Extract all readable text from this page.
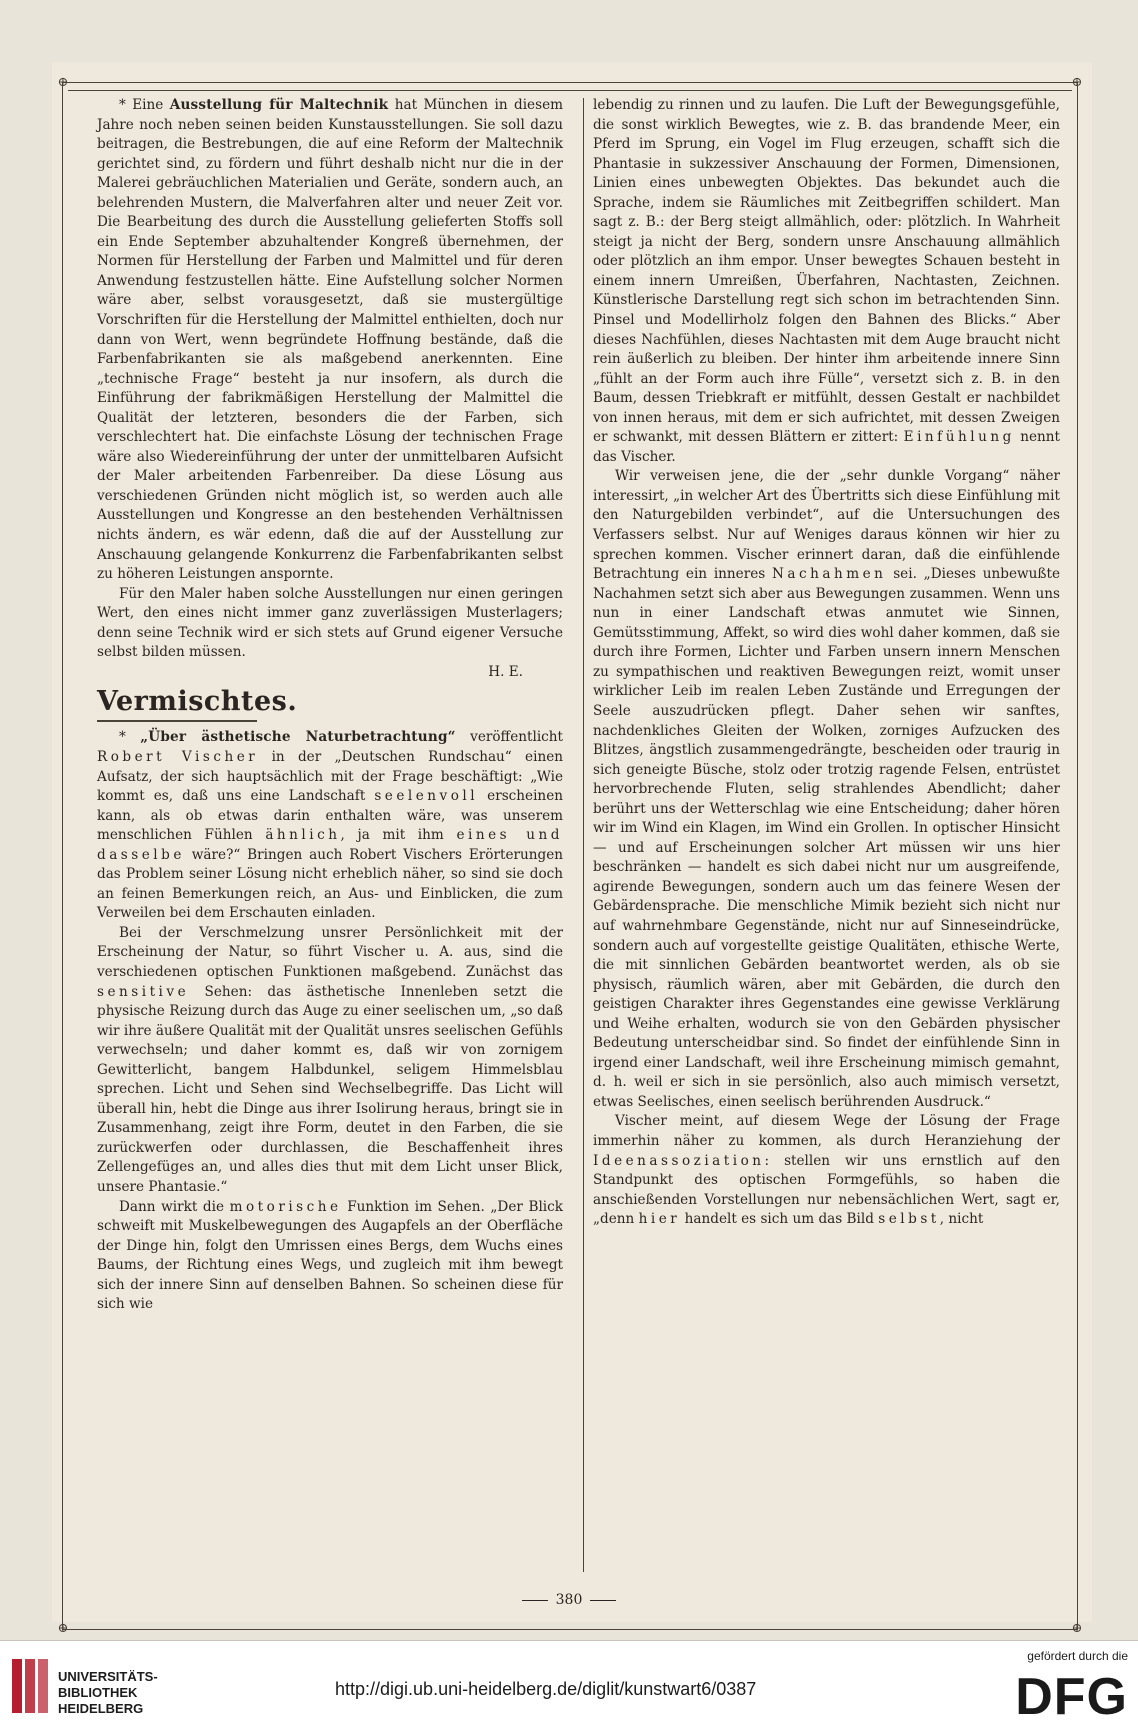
⊕	⊕
⊕	⊕

* Eine Ausstellung für Maltechnik hat München in diesem Jahre noch neben seinen beiden Kunstausstellungen. Sie soll dazu beitragen, die Bestrebungen, die auf eine Reform der Maltechnik gerichtet sind, zu fördern und führt deshalb nicht nur die in der Malerei gebräuchlichen Materialien und Geräte, sondern auch, an belehrenden Mustern, die Malverfahren alter und neuer Zeit vor. Die Bearbeitung des durch die Ausstellung gelieferten Stoffs soll ein Ende September abzuhaltender Kongreß übernehmen, der Normen für Herstellung der Farben und Malmittel und für deren Anwendung festzustellen hätte. Eine Aufstellung solcher Normen wäre aber, selbst vorausgesetzt, daß sie mustergültige Vorschriften für die Herstellung der Malmittel enthielten, doch nur dann von Wert, wenn begründete Hoffnung bestände, daß die Farbenfabrikanten sie als maßgebend anerkennten. Eine „technische Frage“ besteht ja nur insofern, als durch die Einführung der fabrikmäßigen Herstellung der Malmittel die Qualität der letzteren, besonders die der Farben, sich verschlechtert hat. Die einfachste Lösung der technischen Frage wäre also Wiedereinführung der unter der unmittelbaren Aufsicht der Maler arbeitenden Farbenreiber. Da diese Lösung aus verschiedenen Gründen nicht möglich ist, so werden auch alle Ausstellungen und Kongresse an den bestehenden Verhältnissen nichts ändern, es wär edenn, daß die auf der Ausstellung zur Anschauung gelangende Konkurrenz die Farbenfabrikanten selbst zu höheren Leistungen anspornte.

Für den Maler haben solche Ausstellungen nur einen geringen Wert, den eines nicht immer ganz zuverlässigen Musterlagers; denn seine Technik wird er sich stets auf Grund eigener Versuche selbst bilden müssen.

H. E.
Vermischtes.

* „Über ästhetische Naturbetrachtung“ veröffentlicht Robert Vischer in der „Deutschen Rundschau“ einen Aufsatz, der sich hauptsächlich mit der Frage beschäftigt: „Wie kommt es, daß uns eine Landschaft seelenvoll erscheinen kann, als ob etwas darin enthalten wäre, was unserem menschlichen Fühlen ähnlich, ja mit ihm eines und dasselbe wäre?“ Bringen auch Robert Vischers Erörterungen das Problem seiner Lösung nicht erheblich näher, so sind sie doch an feinen Bemerkungen reich, an Aus- und Einblicken, die zum Verweilen bei dem Erschauten einladen.

Bei der Verschmelzung unsrer Persönlichkeit mit der Erscheinung der Natur, so führt Vischer u. A. aus, sind die verschiedenen optischen Funktionen maßgebend. Zunächst das sensitive Sehen: das ästhetische Innenleben setzt die physische Reizung durch das Auge zu einer seelischen um, „so daß wir ihre äußere Qualität mit der Qualität unsres seelischen Gefühls verwechseln; und daher kommt es, daß wir von zornigem Gewitterlicht, bangem Halbdunkel, seligem Himmelsblau sprechen. Licht und Sehen sind Wechselbegriffe. Das Licht will überall hin, hebt die Dinge aus ihrer Isolirung heraus, bringt sie in Zusammenhang, zeigt ihre Form, deutet in den Farben, die sie zurückwerfen oder durchlassen, die Beschaffenheit ihres Zellengefüges an, und alles dies thut mit dem Licht unser Blick, unsere Phantasie.“

Dann wirkt die motorische Funktion im Sehen. „Der Blick schweift mit Muskelbewegungen des Augapfels an der Oberfläche der Dinge hin, folgt den Umrissen eines Bergs, dem Wuchs eines Baums, der Richtung eines Wegs, und zugleich mit ihm bewegt sich der innere Sinn auf denselben Bahnen. So scheinen diese für sich wie

lebendig zu rinnen und zu laufen. Die Luft der Bewegungsgefühle, die sonst wirklich Bewegtes, wie z. B. das brandende Meer, ein Pferd im Sprung, ein Vogel im Flug erzeugen, schafft sich die Phantasie in sukzessiver Anschauung der Formen, Dimensionen, Linien eines unbewegten Objektes. Das bekundet auch die Sprache, indem sie Räumliches mit Zeitbegriffen schildert. Man sagt z. B.: der Berg steigt allmählich, oder: plötzlich. In Wahrheit steigt ja nicht der Berg, sondern unsre Anschauung allmählich oder plötzlich an ihm empor. Unser bewegtes Schauen besteht in einem innern Umreißen, Überfahren, Nachtasten, Zeichnen. Künstlerische Darstellung regt sich schon im betrachtenden Sinn. Pinsel und Modellirholz folgen den Bahnen des Blicks.“ Aber dieses Nachfühlen, dieses Nachtasten mit dem Auge braucht nicht rein äußerlich zu bleiben. Der hinter ihm arbeitende innere Sinn „fühlt an der Form auch ihre Fülle“, versetzt sich z. B. in den Baum, dessen Triebkraft er mitfühlt, dessen Gestalt er nachbildet von innen heraus, mit dem er sich aufrichtet, mit dessen Zweigen er schwankt, mit dessen Blättern er zittert: Einfühlung nennt das Vischer.

Wir verweisen jene, die der „sehr dunkle Vorgang“ näher interessirt, „in welcher Art des Übertritts sich diese Einfühlung mit den Naturgebilden verbindet“, auf die Untersuchungen des Verfassers selbst. Nur auf Weniges daraus können wir hier zu sprechen kommen. Vischer erinnert daran, daß die einfühlende Betrachtung ein inneres Nachahmen sei. „Dieses unbewußte Nachahmen setzt sich aber aus Bewegungen zusammen. Wenn uns nun in einer Landschaft etwas anmutet wie Sinnen, Gemütsstimmung, Affekt, so wird dies wohl daher kommen, daß sie durch ihre Formen, Lichter und Farben unsern innern Menschen zu sympathischen und reaktiven Bewegungen reizt, womit unser wirklicher Leib im realen Leben Zustände und Erregungen der Seele auszudrücken pflegt. Daher sehen wir sanftes, nachdenkliches Gleiten der Wolken, zorniges Aufzucken des Blitzes, ängstlich zusammengedrängte, bescheiden oder traurig in sich geneigte Büsche, stolz oder trotzig ragende Felsen, entrüstet hervorbrechende Fluten, selig strahlendes Abendlicht; daher berührt uns der Wetterschlag wie eine Entscheidung; daher hören wir im Wind ein Klagen, im Wind ein Grollen. In optischer Hinsicht — und auf Erscheinungen solcher Art müssen wir uns hier beschränken — handelt es sich dabei nicht nur um ausgreifende, agirende Bewegungen, sondern auch um das feinere Wesen der Gebärdensprache. Die menschliche Mimik bezieht sich nicht nur auf wahrnehmbare Gegenstände, nicht nur auf Sinneseindrücke, sondern auch auf vorgestellte geistige Qualitäten, ethische Werte, die mit sinnlichen Gebärden beantwortet werden, als ob sie physisch, räumlich wären, aber mit Gebärden, die durch den geistigen Charakter ihres Gegenstandes eine gewisse Verklärung und Weihe erhalten, wodurch sie von den Gebärden physischer Bedeutung unterscheidbar sind. So findet der einfühlende Sinn in irgend einer Landschaft, weil ihre Erscheinung mimisch gemahnt, d. h. weil er sich in sie persönlich, also auch mimisch versetzt, etwas Seelisches, einen seelisch berührenden Ausdruck.“

Vischer meint, auf diesem Wege der Lösung der Frage immerhin näher zu kommen, als durch Heranziehung der Ideenassoziation: stellen wir uns ernstlich auf den Standpunkt des optischen Formgefühls, so haben die anschießenden Vorstellungen nur nebensächlichen Wert, sagt er, „denn hier handelt es sich um das Bild selbst, nicht

380
UNIVERSITÄTS-
BIBLIOTHEK
HEIDELBERG
http://digi.ub.uni-heidelberg.de/diglit/kunstwart6/0387
gefördert durch die
DFG
